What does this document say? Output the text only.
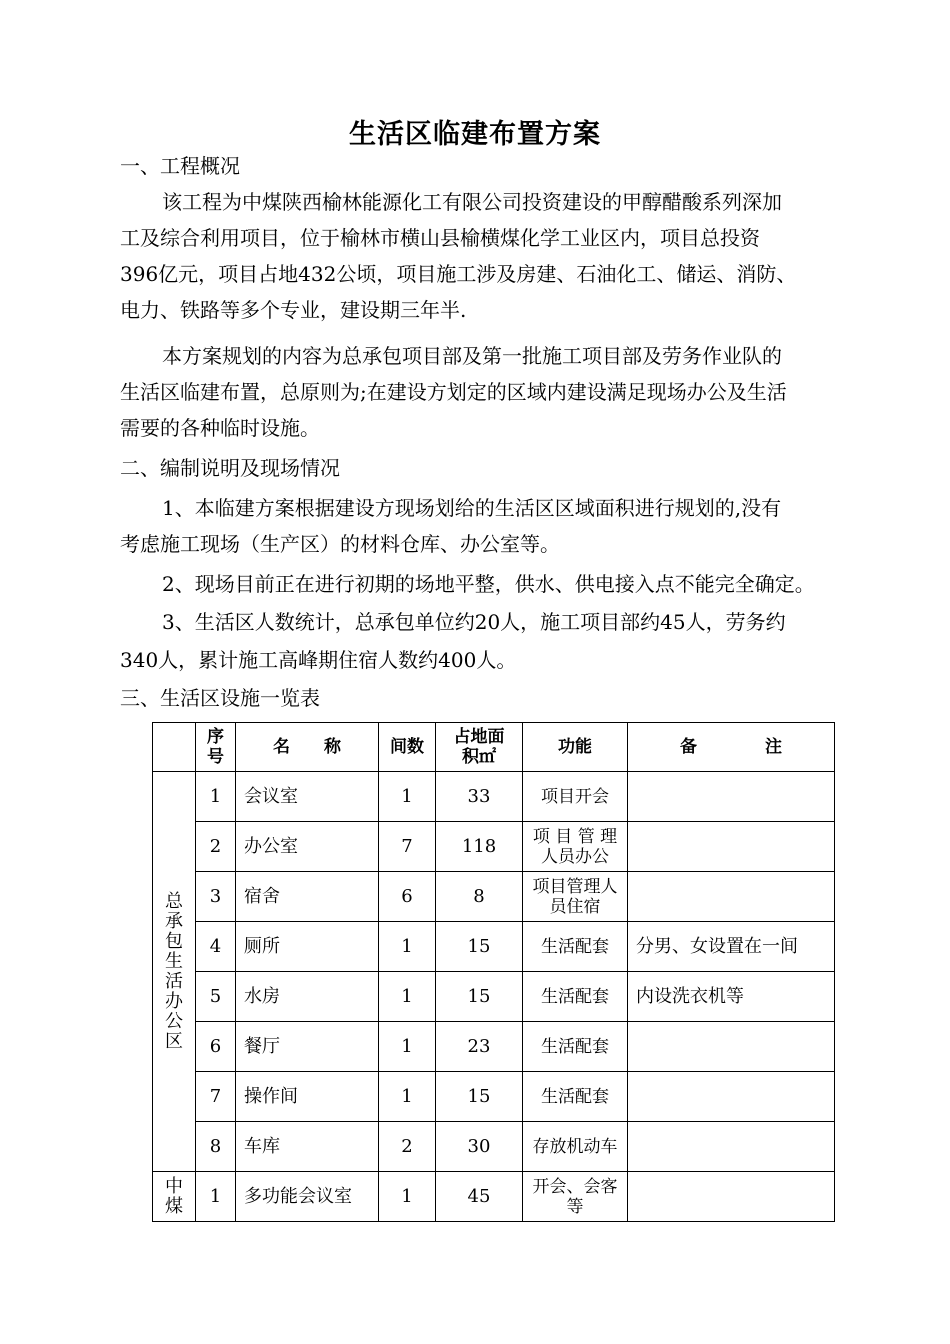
生活区临建布置方案
一、工程概况
该工程为中煤陕西榆林能源化工有限公司投资建设的甲醇醋酸系列深加
工及综合利用项目，位于榆林市横山县榆横煤化学工业区内，项目总投资
396亿元，项目占地432公顷，项目施工涉及房建、石油化工、储运、消防、
电力、铁路等多个专业，建设期三年半.
本方案规划的内容为总承包项目部及第一批施工项目部及劳务作业队的
生活区临建布置，总原则为;在建设方划定的区域内建设满足现场办公及生活
需要的各种临时设施。
二、编制说明及现场情况
1、本临建方案根据建设方现场划给的生活区区域面积进行规划的,没有
考虑施工现场（生产区）的材料仓库、办公室等。
2、现场目前正在进行初期的场地平整，供水、供电接入点不能完全确定。
3、生活区人数统计，总承包单位约20人，施工项目部约45人，劳务约
340人，累计施工高峰期住宿人数约400人。
三、生活区设施一览表
	序号	名　　称	间数	占地面积㎡	功能	备　　　　注
总承包生活办公区	1	会议室	1	33	项目开会	
	2	办公室	7	118	项 目 管 理 人员办公	
	3	宿舍	6	8	项目管理人员住宿	
	4	厕所	1	15	生活配套	分男、女设置在一间
	5	水房	1	15	生活配套	内设洗衣机等
	6	餐厅	1	23	生活配套	
	7	操作间	1	15	生活配套	
	8	车库	2	30	存放机动车	
中煤	1	多功能会议室	1	45	开会、会客等	
